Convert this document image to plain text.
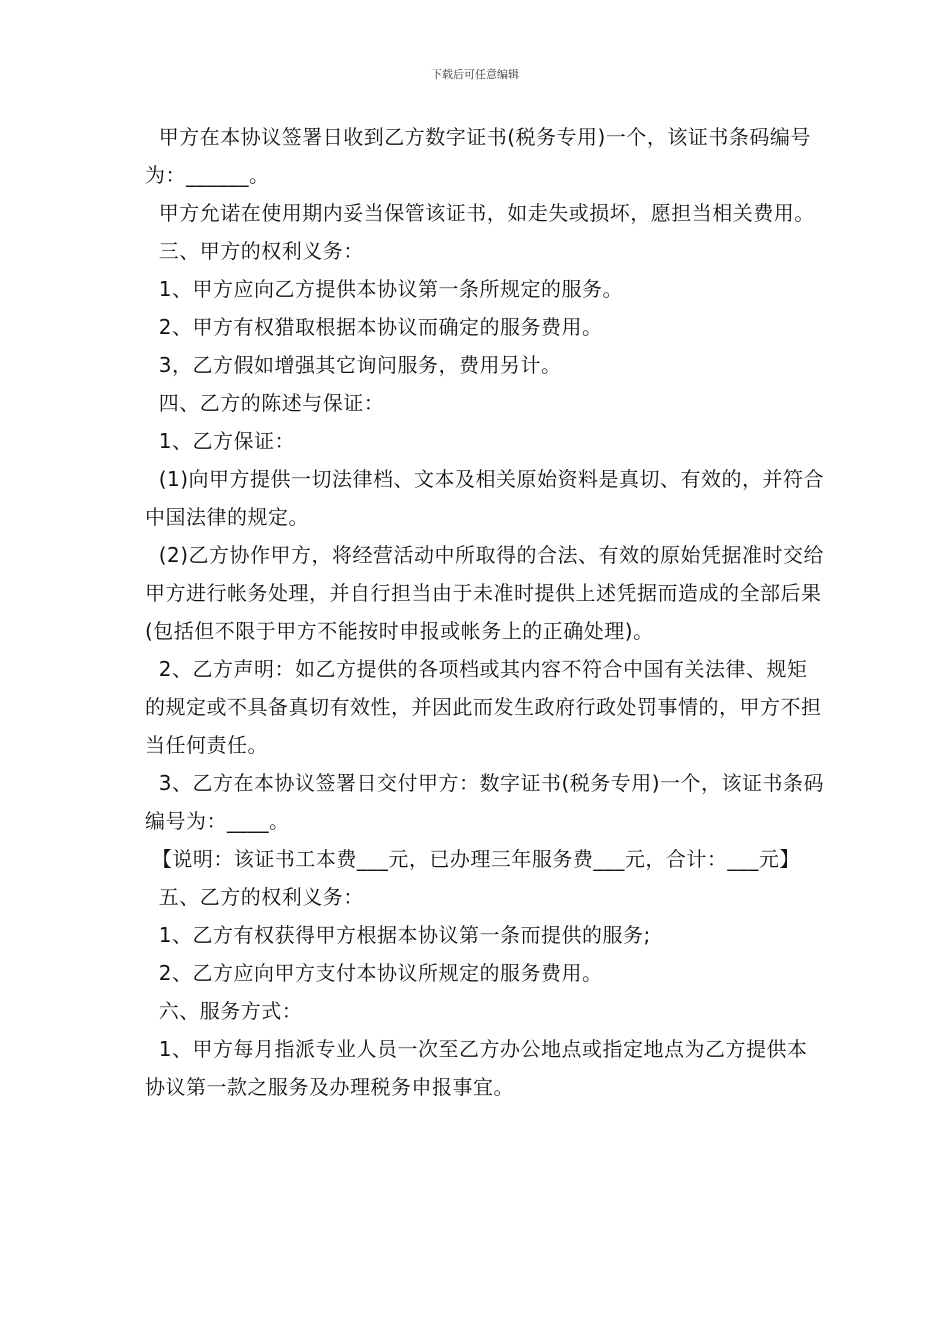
下载后可任意编辑

甲方在本协议签署日收到乙方数字证书(税务专用)一个，该证书条码编号为：______。

甲方允诺在使用期内妥当保管该证书，如走失或损坏，愿担当相关费用。

三、甲方的权利义务：

1、甲方应向乙方提供本协议第一条所规定的服务。

2、甲方有权猎取根据本协议而确定的服务费用。

3，乙方假如增强其它询问服务，费用另计。

四、乙方的陈述与保证：

1、乙方保证：

(1)向甲方提供一切法律档、文本及相关原始资料是真切、有效的，并符合中国法律的规定。

(2)乙方协作甲方，将经营活动中所取得的合法、有效的原始凭据准时交给甲方进行帐务处理，并自行担当由于未准时提供上述凭据而造成的全部后果(包括但不限于甲方不能按时申报或帐务上的正确处理)。

2、乙方声明：如乙方提供的各项档或其内容不符合中国有关法律、规矩的规定或不具备真切有效性，并因此而发生政府行政处罚事情的，甲方不担当任何责任。

3、乙方在本协议签署日交付甲方：数字证书(税务专用)一个，该证书条码编号为：____。

【说明：该证书工本费___元，已办理三年服务费___元，合计：___元】

五、乙方的权利义务：

1、乙方有权获得甲方根据本协议第一条而提供的服务;

2、乙方应向甲方支付本协议所规定的服务费用。

六、服务方式：

1、甲方每月指派专业人员一次至乙方办公地点或指定地点为乙方提供本协议第一款之服务及办理税务申报事宜。
